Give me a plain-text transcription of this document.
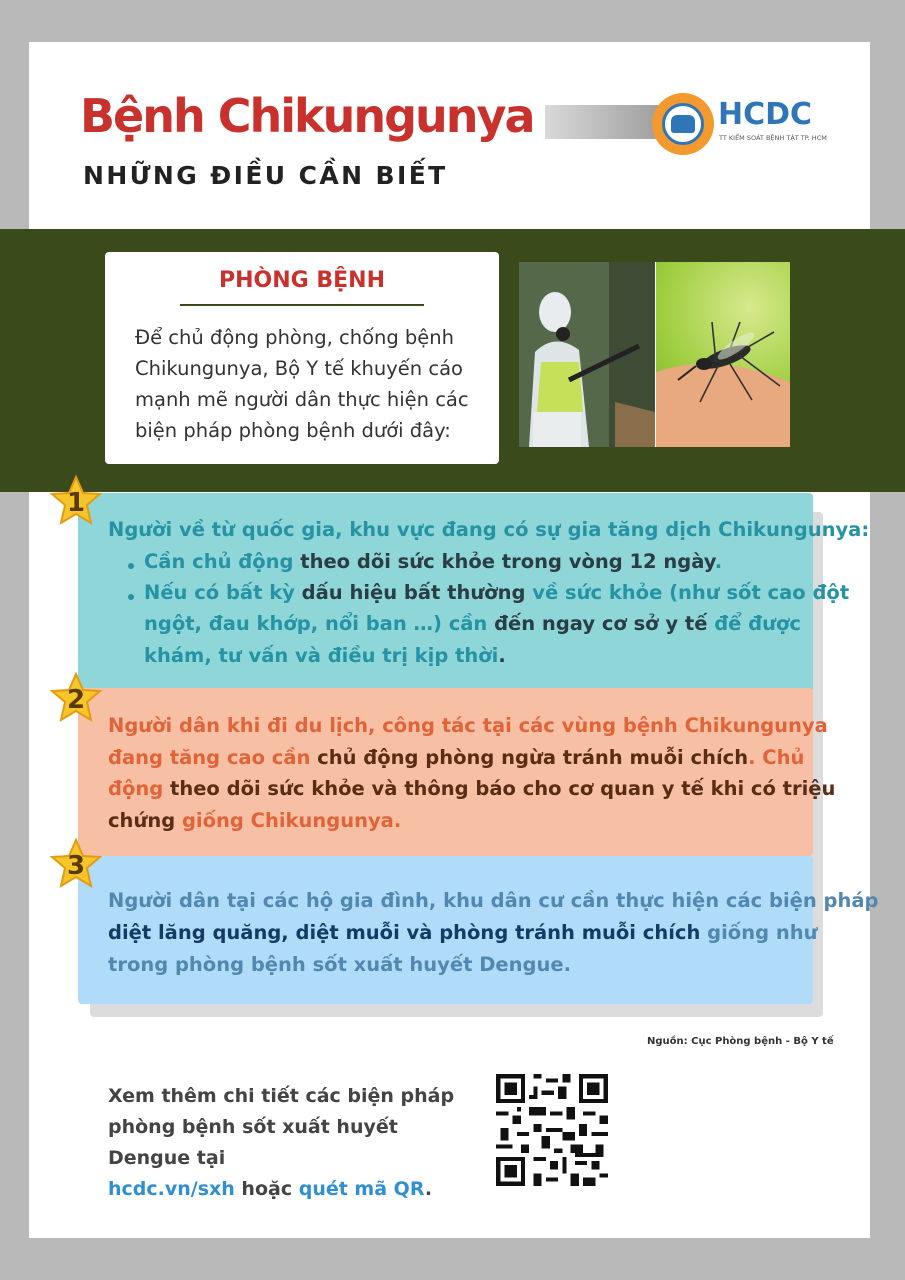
Bệnh Chikungunya
NHỮNG ĐIỀU CẦN BIẾT
HCDC
TT KIỂM SOÁT BỆNH TẬT TP. HCM
PHÒNG BỆNH
Để chủ động phòng, chống bệnh
Chikungunya, Bộ Y tế khuyến cáo
mạnh mẽ người dân thực hiện các
biện pháp phòng bệnh dưới đây:
1
2
3
Người về từ quốc gia, khu vực đang có sự gia tăng dịch Chikungunya:
Cần chủ động theo dõi sức khỏe trong vòng 12 ngày.
Nếu có bất kỳ dấu hiệu bất thường về sức khỏe (như sốt cao đột
ngột, đau khớp, nổi ban …) cần đến ngay cơ sở y tế để được
khám, tư vấn và điều trị kịp thời.
Người dân khi đi du lịch, công tác tại các vùng bệnh Chikungunya
đang tăng cao cần chủ động phòng ngừa tránh muỗi chích. Chủ
động theo dõi sức khỏe và thông báo cho cơ quan y tế khi có triệu
chứng giống Chikungunya.
Người dân tại các hộ gia đình, khu dân cư cần thực hiện các biện pháp
diệt lăng quăng, diệt muỗi và phòng tránh muỗi chích giống như
trong phòng bệnh sốt xuất huyết Dengue.
Nguồn: Cục Phòng bệnh - Bộ Y tế
Xem thêm chi tiết các biện pháp
phòng bệnh sốt xuất huyết Dengue tại
hcdc.vn/sxh hoặc quét mã QR.
